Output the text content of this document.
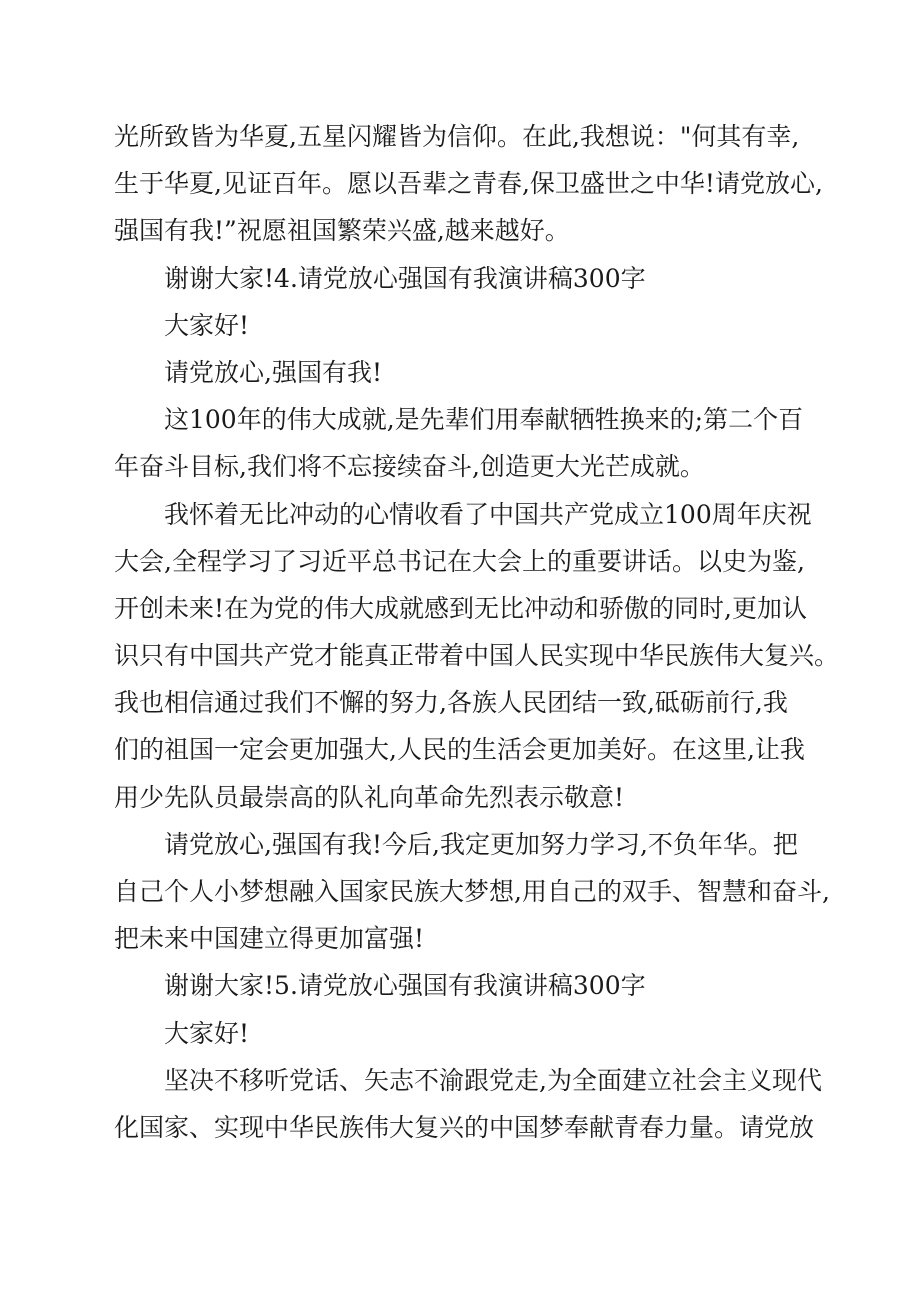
光所致皆为华夏,五星闪耀皆为信仰。在此,我想说："何其有幸,
生于华夏,见证百年。愿以吾辈之青春,保卫盛世之中华!请党放心,
强国有我!”祝愿祖国繁荣兴盛,越来越好。
谢谢大家!4.请党放心强国有我演讲稿300字
大家好!
请党放心,强国有我!
这100年的伟大成就,是先辈们用奉献牺牲换来的;第二个百
年奋斗目标,我们将不忘接续奋斗,创造更大光芒成就。
我怀着无比冲动的心情收看了中国共产党成立100周年庆祝
大会,全程学习了习近平总书记在大会上的重要讲话。以史为鉴,
开创未来!在为党的伟大成就感到无比冲动和骄傲的同时,更加认
识只有中国共产党才能真正带着中国人民实现中华民族伟大复兴。
我也相信通过我们不懈的努力,各族人民团结一致,砥砺前行,我
们的祖国一定会更加强大,人民的生活会更加美好。在这里,让我
用少先队员最崇高的队礼向革命先烈表示敬意!
请党放心,强国有我!今后,我定更加努力学习,不负年华。把
自己个人小梦想融入国家民族大梦想,用自己的双手、智慧和奋斗,
把未来中国建立得更加富强!
谢谢大家!5.请党放心强国有我演讲稿300字
大家好!
坚决不移听党话、矢志不渝跟党走,为全面建立社会主义现代
化国家、实现中华民族伟大复兴的中国梦奉献青春力量。请党放
